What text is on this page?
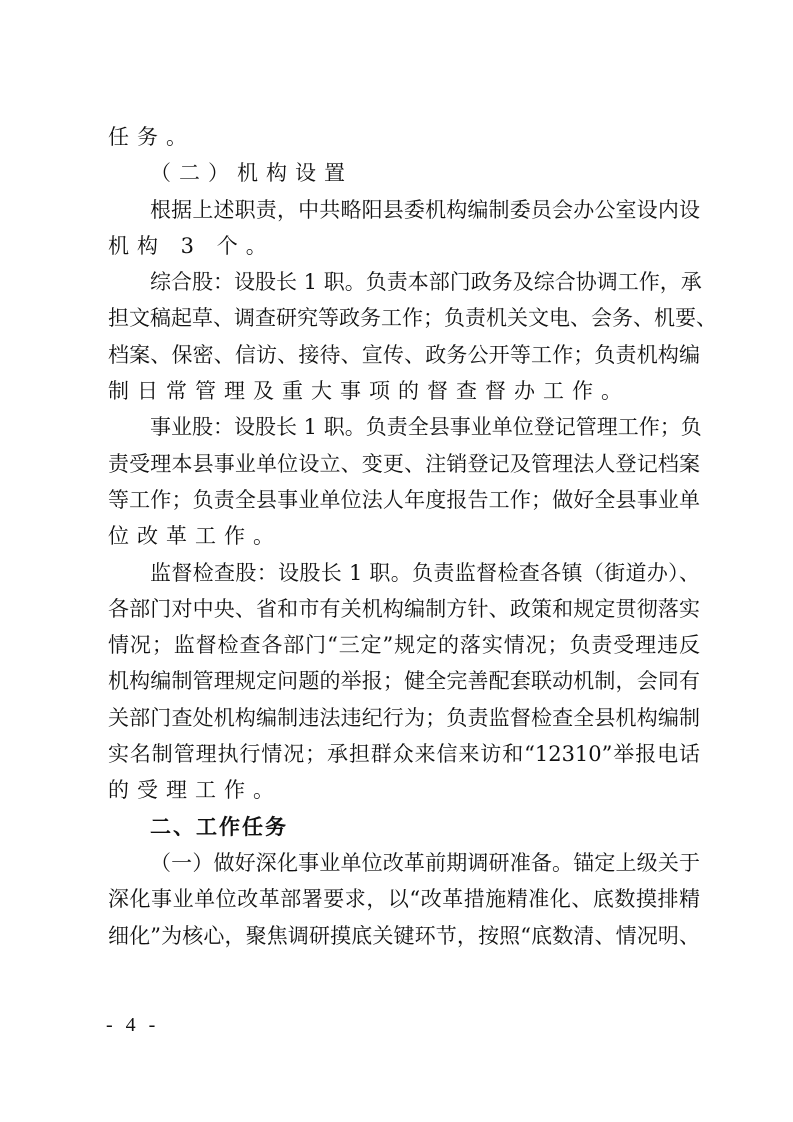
任务。
（二）机构设置
根据上述职责，中共略阳县委机构编制委员会办公室设内设
机构 3 个。
综合股：设股长 1 职。负责本部门政务及综合协调工作，承
担文稿起草、调查研究等政务工作；负责机关文电、会务、机要、
档案、保密、信访、接待、宣传、政务公开等工作；负责机构编
制日常管理及重大事项的督查督办工作。
事业股：设股长 1 职。负责全县事业单位登记管理工作；负
责受理本县事业单位设立、变更、注销登记及管理法人登记档案
等工作；负责全县事业单位法人年度报告工作；做好全县事业单
位改革工作。
监督检查股：设股长 1 职。负责监督检查各镇（街道办）、
各部门对中央、省和市有关机构编制方针、政策和规定贯彻落实
情况；监督检查各部门“三定”规定的落实情况；负责受理违反
机构编制管理规定问题的举报；健全完善配套联动机制，会同有
关部门查处机构编制违法违纪行为；负责监督检查全县机构编制
实名制管理执行情况；承担群众来信来访和“12310”举报电话
的受理工作。
二、工作任务
（一）做好深化事业单位改革前期调研准备。锚定上级关于
深化事业单位改革部署要求，以“改革措施精准化、底数摸排精
细化”为核心，聚焦调研摸底关键环节，按照“底数清、情况明、
- 4 -
